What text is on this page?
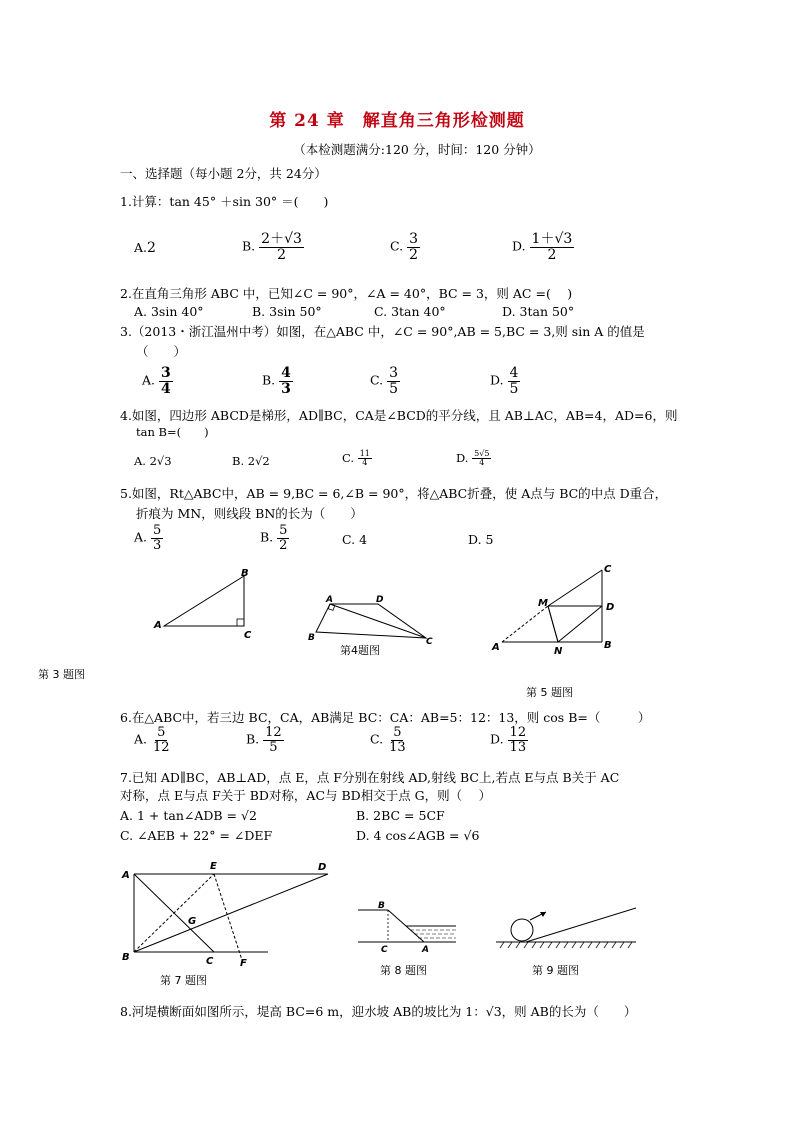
第 24 章　解直角三角形检测题
（本检测题满分:120 分，时间：120 分钟）
一、选择题（每小题 2分，共 24分）
1.计算：tan 45° ＋sin 30° ＝(　　)
A.2	B. $\frac{2+√3}{2}$	C. $\frac{3}{2}$	D. $\frac{1+√3}{2}$
2.在直角三角形 ABC 中，已知∠C = 90°，∠A = 40°，BC = 3，则 AC =(　 )
A. 3sin 40°	B. 3sin 50°	C. 3tan 40°	D. 3tan 50°
3.（2013・浙江温州中考）如图，在△ABC 中，∠C = 90°,AB = 5,BC = 3,则 sin A 的值是
（　　）
A. $\frac{3}{4}$	B. $\frac{4}{3}$	C. $\frac{3}{5}$	D. $\frac{4}{5}$
4.如图，四边形 ABCD是梯形，AD∥BC，CA是∠BCD的平分线，且 AB⊥AC，AB=4，AD=6，则
tan B=(　　)
A. 2√3	B. 2√2	C. $\frac{11}{4}$	D. $\frac{5√5}{4}$
5.如图，Rt△ABC中，AB = 9,BC = 6,∠B = 90°，将△ABC折叠，使 A点与 BC的中点 D重合，
折痕为 MN，则线段 BN的长为（　　）
A. $\frac{5}{3}$	B. $\frac{5}{2}$	C. 4	D. 5
A
B
C
第 3 题图
A	D
B	C
第4题图
C
M	D
A	N
B
第 5 题图
6.在△ABC中，若三边 BC，CA，AB满足 BC：CA：AB=5：12：13，则 cos B=（　　　）
A. $\frac{5}{12}$	B. $\frac{12}{5}$	C. $\frac{5}{13}$	D. $\frac{12}{13}$
7.已知 AD∥BC，AB⊥AD，点 E，点 F分别在射线 AD,射线 BC上,若点 E与点 B关于 AC
对称，点 E与点 F关于 BD对称，AC与 BD相交于点 G，则（　 ）
A. 1 + tan∠ADB = √2	B. 2BC = 5CF
C. ∠AEB + 22° = ∠DEF	D. 4 cos∠AGB = √6
A
E	D
G
B	C	F
第 7 题图
B
C	A
第 8 题图	第 9 题图
8.河堤横断面如图所示，堤高 BC=6 m，迎水坡 AB的坡比为 1：√3，则 AB的长为（　　）
